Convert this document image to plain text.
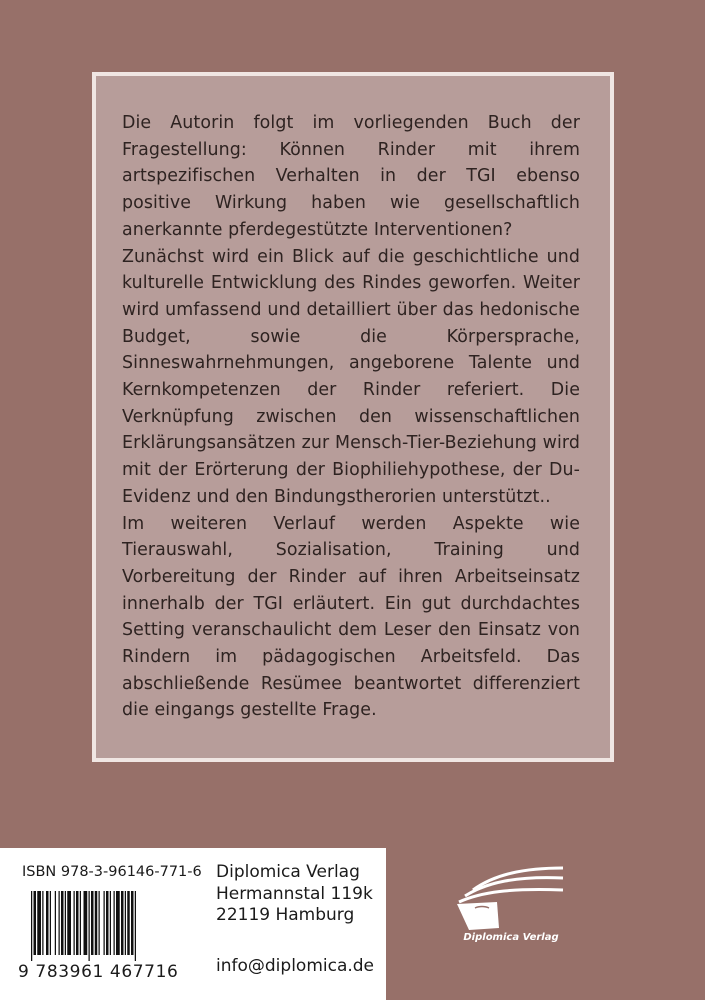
Die Autorin folgt im vorliegenden Buch der Fragestellung: Können Rinder mit ihrem artspezifischen Verhalten in der TGI ebenso positive Wirkung haben wie gesellschaftlich anerkannte pferdegestützte Interventionen?

Zunächst wird ein Blick auf die geschichtliche und kulturelle Entwicklung des Rindes geworfen. Weiter wird umfassend und detailliert über das hedonische Budget, sowie die Körpersprache, Sinneswahrnehmungen, angeborene Talente und Kernkompetenzen der Rinder referiert. Die Verknüpfung zwischen den wissenschaftlichen Erklärungsansätzen zur Mensch-Tier-Beziehung wird mit der Erörterung der Biophiliehypothese, der Du-Evidenz und den Bindungstherorien unterstützt..

Im weiteren Verlauf werden Aspekte wie Tierauswahl, Sozialisation, Training und Vorbereitung der Rinder auf ihren Arbeitseinsatz innerhalb der TGI erläutert. Ein gut durchdachtes Setting veranschaulicht dem Leser den Einsatz von Rindern im pädagogischen Arbeitsfeld. Das abschließende Resümee beantwortet differenziert die eingangs gestellte Frage.

ISBN 978-3-96146-771-6
9 783961 467716
Diplomica Verlag
Hermannstal 119k
22119 Hamburg
info@diplomica.de
Diplomica Verlag
